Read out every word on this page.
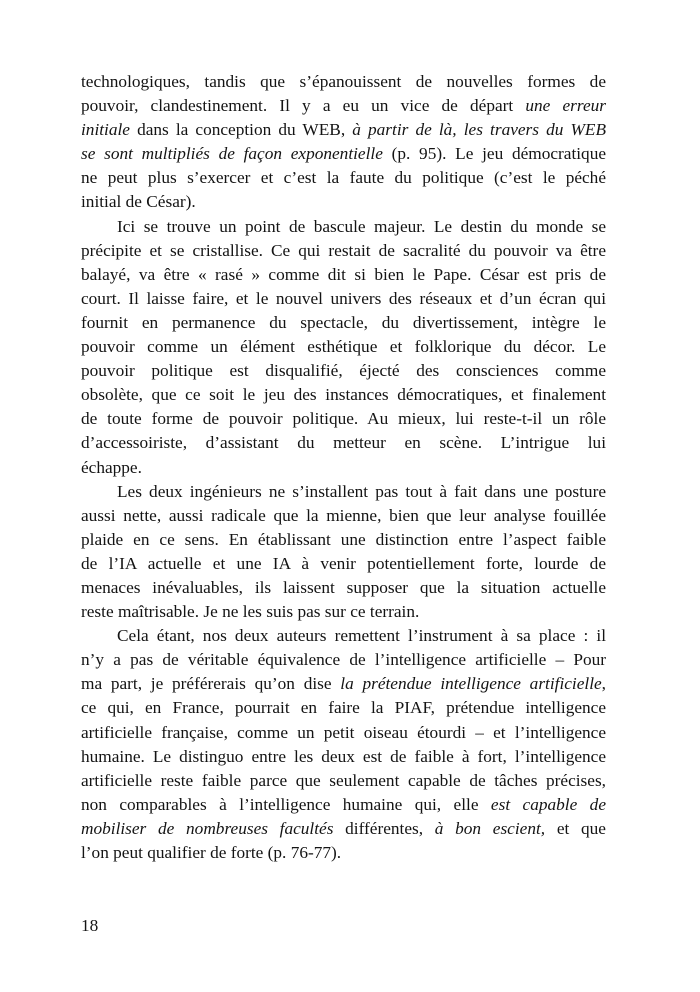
technologiques, tandis que s’épanouissent de nouvelles formes de
pouvoir, clandestinement. Il y a eu un vice de départ une erreur
initiale dans la conception du WEB, à partir de là, les travers du WEB
se sont multipliés de façon exponentielle (p. 95). Le jeu démocratique
ne peut plus s’exercer et c’est la faute du politique (c’est le péché
initial de César).

Ici se trouve un point de bascule majeur. Le destin du monde se
précipite et se cristallise. Ce qui restait de sacralité du pouvoir va être
balayé, va être « rasé » comme dit si bien le Pape. César est pris de
court. Il laisse faire, et le nouvel univers des réseaux et d’un écran qui
fournit en permanence du spectacle, du divertissement, intègre le
pouvoir comme un élément esthétique et folklorique du décor. Le
pouvoir politique est disqualifié, éjecté des consciences comme
obsolète, que ce soit le jeu des instances démocratiques, et finalement
de toute forme de pouvoir politique. Au mieux, lui reste-t-il un rôle
d’accessoiriste, d’assistant du metteur en scène. L’intrigue lui
échappe.

Les deux ingénieurs ne s’installent pas tout à fait dans une posture
aussi nette, aussi radicale que la mienne, bien que leur analyse fouillée
plaide en ce sens. En établissant une distinction entre l’aspect faible
de l’IA actuelle et une IA à venir potentiellement forte, lourde de
menaces inévaluables, ils laissent supposer que la situation actuelle
reste maîtrisable. Je ne les suis pas sur ce terrain.

Cela étant, nos deux auteurs remettent l’instrument à sa place : il
n’y a pas de véritable équivalence de l’intelligence artificielle – Pour
ma part, je préférerais qu’on dise la prétendue intelligence artificielle,
ce qui, en France, pourrait en faire la PIAF, prétendue intelligence
artificielle française, comme un petit oiseau étourdi – et l’intelligence
humaine. Le distinguo entre les deux est de faible à fort, l’intelligence
artificielle reste faible parce que seulement capable de tâches précises,
non comparables à l’intelligence humaine qui, elle est capable de
mobiliser de nombreuses facultés différentes, à bon escient, et que
l’on peut qualifier de forte (p. 76-77).

18
